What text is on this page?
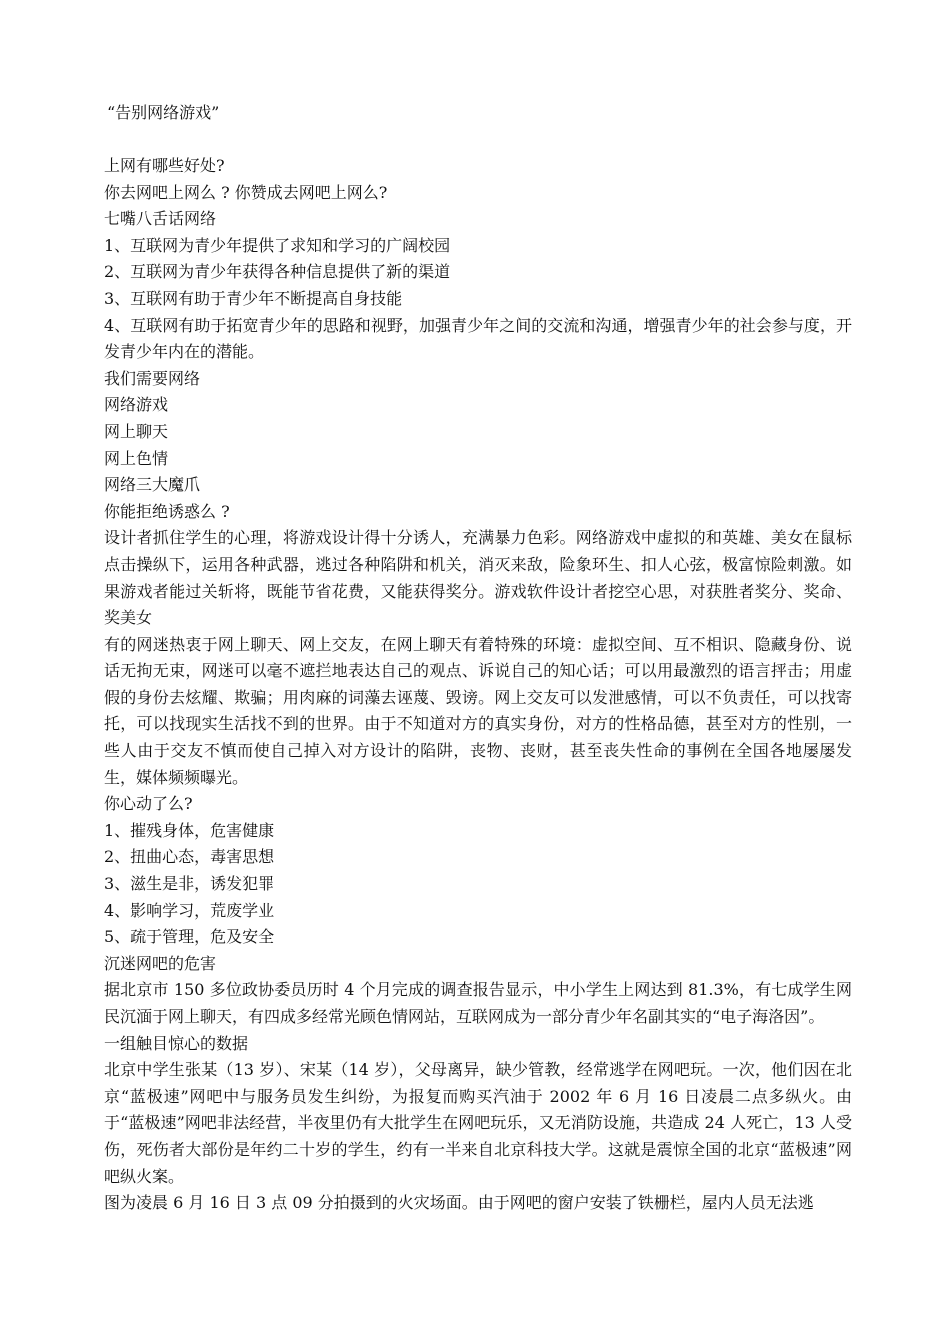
“告别网络游戏”

上网有哪些好处?

你去网吧上网么 ? 你赞成去网吧上网么?

七嘴八舌话网络

1、互联网为青少年提供了求知和学习的广阔校园

2、互联网为青少年获得各种信息提供了新的渠道

3、互联网有助于青少年不断提高自身技能

4、互联网有助于拓宽青少年的思路和视野，加强青少年之间的交流和沟通，增强青少年的社会参与度，开发青少年内在的潜能。

我们需要网络

网络游戏

网上聊天

网上色情

网络三大魔爪

你能拒绝诱惑么 ?

设计者抓住学生的心理，将游戏设计得十分诱人，充满暴力色彩。网络游戏中虚拟的和英雄、美女在鼠标点击操纵下，运用各种武器，逃过各种陷阱和机关，消灭来敌，险象环生、扣人心弦，极富惊险刺激。如果游戏者能过关斩将，既能节省花费，又能获得奖分。游戏软件设计者挖空心思，对获胜者奖分、奖命、奖美女

有的网迷热衷于网上聊天、网上交友，在网上聊天有着特殊的环境：虚拟空间、互不相识、隐藏身份、说话无拘无束，网迷可以毫不遮拦地表达自己的观点、诉说自己的知心话；可以用最激烈的语言抨击；用虚假的身份去炫耀、欺骗；用肉麻的词藻去诬蔑、毁谤。网上交友可以发泄感情，可以不负责任，可以找寄托，可以找现实生活找不到的世界。由于不知道对方的真实身份，对方的性格品德，甚至对方的性别，一些人由于交友不慎而使自己掉入对方设计的陷阱，丧物、丧财，甚至丧失性命的事例在全国各地屡屡发生，媒体频频曝光。

你心动了么?

1、摧残身体，危害健康

2、扭曲心态，毒害思想

3、滋生是非，诱发犯罪

4、影响学习，荒废学业

5、疏于管理，危及安全

沉迷网吧的危害

据北京市 150 多位政协委员历时 4 个月完成的调查报告显示，中小学生上网达到 81.3%，有七成学生网民沉湎于网上聊天，有四成多经常光顾色情网站，互联网成为一部分青少年名副其实的“电子海洛因”。

一组触目惊心的数据

北京中学生张某（13 岁）、宋某（14 岁），父母离异，缺少管教，经常逃学在网吧玩。一次，他们因在北京“蓝极速”网吧中与服务员发生纠纷，为报复而购买汽油于 2002 年 6 月 16 日凌晨二点多纵火。由于“蓝极速”网吧非法经营，半夜里仍有大批学生在网吧玩乐，又无消防设施，共造成 24 人死亡，13 人受伤，死伤者大部份是年约二十岁的学生，约有一半来自北京科技大学。这就是震惊全国的北京“蓝极速”网吧纵火案。

图为凌晨 6 月 16 日 3 点 09 分拍摄到的火灾场面。由于网吧的窗户安装了铁栅栏，屋内人员无法逃
